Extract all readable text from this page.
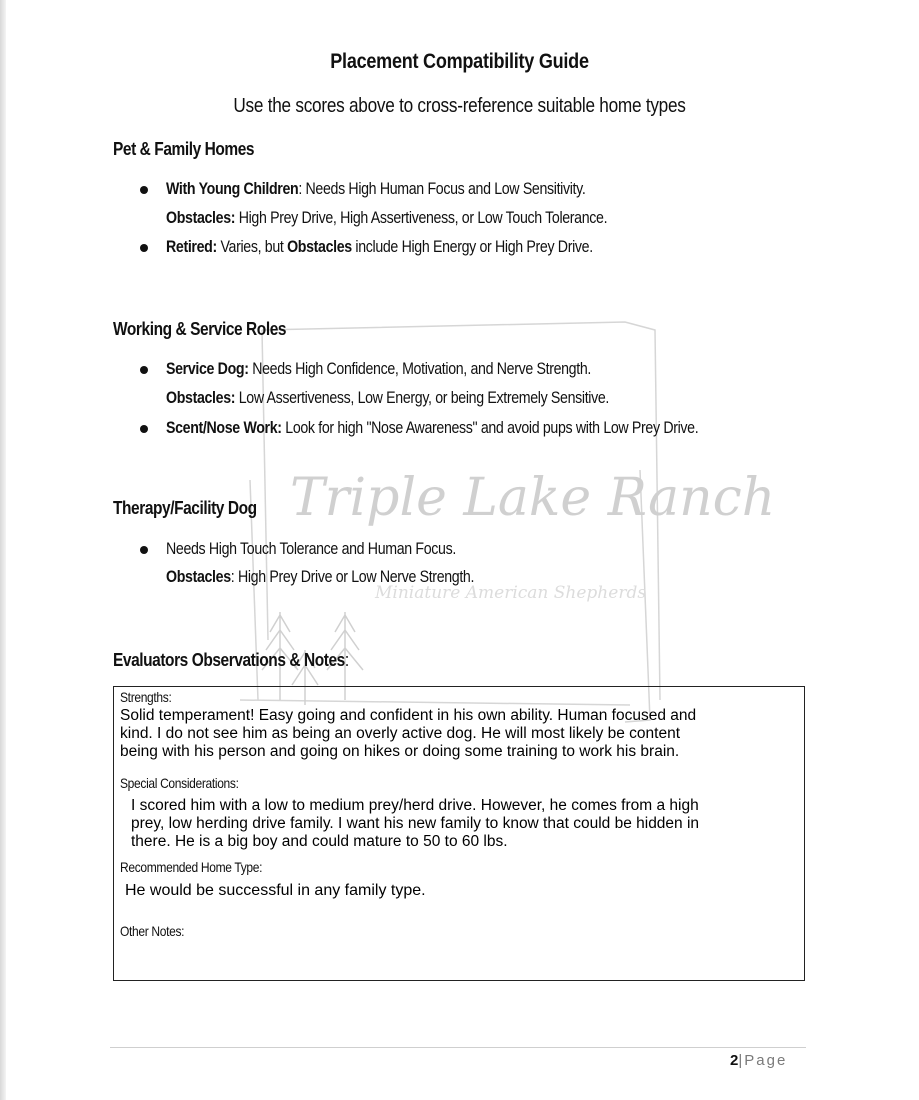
Triple Lake Ranch
Miniature American Shepherds
Placement Compatibility Guide
Use the scores above to cross-reference suitable home types
Pet & Family Homes
With Young Children: Needs High Human Focus and Low Sensitivity.
Obstacles: High Prey Drive, High Assertiveness, or Low Touch Tolerance.
Retired: Varies, but Obstacles include High Energy or High Prey Drive.
Working & Service Roles
Service Dog: Needs High Confidence, Motivation, and Nerve Strength.
Obstacles: Low Assertiveness, Low Energy, or being Extremely Sensitive.
Scent/Nose Work: Look for high "Nose Awareness" and avoid pups with Low Prey Drive.
Therapy/Facility Dog
Needs High Touch Tolerance and Human Focus.
Obstacles: High Prey Drive or Low Nerve Strength.
Evaluators Observations & Notes:
Strengths:
Solid temperament! Easy going and confident in his own ability. Human focused and
kind. I do not see him as being an overly active dog. He will most likely be content
being with his person and going on hikes or doing some training to work his brain.
Special Considerations:
I scored him with a low to medium prey/herd drive. However, he comes from a high
prey, low herding drive family. I want his new family to know that could be hidden in
there. He is a big boy and could mature to 50 to 60 lbs.
Recommended Home Type:
He would be successful in any family type.
Other Notes:
2|Page
